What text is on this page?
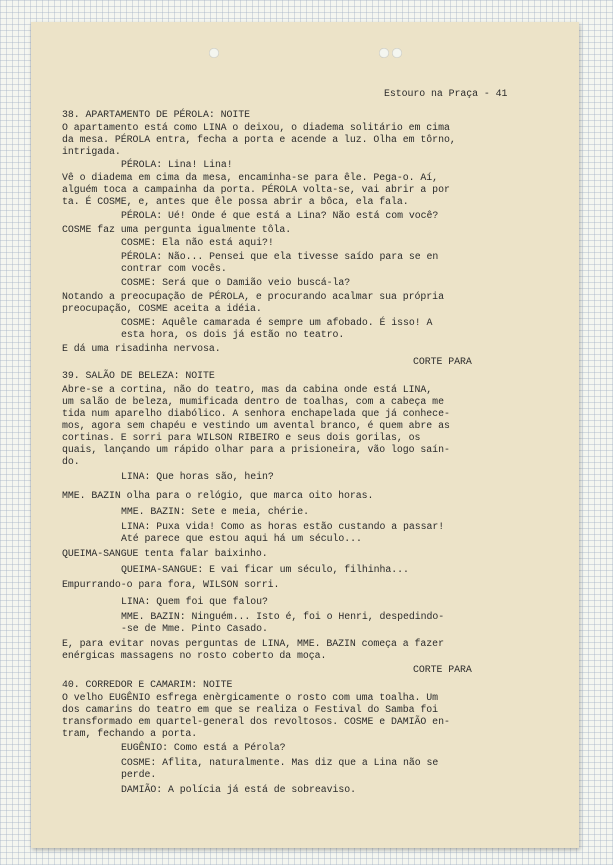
Estouro na Praça - 41
38. APARTAMENTO DE PÉROLA: NOITE
O apartamento está como LINA o deixou, o diadema solitário em cima
da mesa. PÉROLA entra, fecha a porta e acende a luz. Olha em tôrno,
intrigada.
PÉROLA: Lina! Lina!
Vê o diadema em cima da mesa, encaminha-se para êle. Pega-o. Aí,
alguém toca a campainha da porta. PÉROLA volta-se, vai abrir a por
ta. É COSME, e, antes que êle possa abrir a bôca, ela fala.
PÉROLA: Ué! Onde é que está a Lina? Não está com você?
COSME faz uma pergunta igualmente tôla.
COSME: Ela não está aqui?!
PÉROLA: Não... Pensei que ela tivesse saído para se en
contrar com vocês.
COSME: Será que o Damião veio buscá-la?
Notando a preocupação de PÉROLA, e procurando acalmar sua própria
preocupação, COSME aceita a idéia.
COSME: Aquêle camarada é sempre um afobado. É isso! A
esta hora, os dois já estão no teatro.
E dá uma risadinha nervosa.
CORTE PARA
39. SALÃO DE BELEZA: NOITE
Abre-se a cortina, não do teatro, mas da cabina onde está LINA,
um salão de beleza, mumificada dentro de toalhas, com a cabeça me
tida num aparelho diabólico. A senhora enchapelada que já conhece-
mos, agora sem chapéu e vestindo um avental branco, é quem abre as
cortinas. E sorri para WILSON RIBEIRO e seus dois gorilas, os
quais, lançando um rápido olhar para a prisioneira, vão logo saín-
do.
LINA: Que horas são, hein?
MME. BAZIN olha para o relógio, que marca oito horas.
MME. BAZIN: Sete e meia, chérie.
LINA: Puxa vida! Como as horas estão custando a passar!
Até parece que estou aqui há um século...
QUEIMA-SANGUE tenta falar baixinho.
QUEIMA-SANGUE: E vai ficar um século, filhinha...
Empurrando-o para fora, WILSON sorri.
LINA: Quem foi que falou?
MME. BAZIN: Ninguém... Isto é, foi o Henri, despedindo-
-se de Mme. Pinto Casado.
E, para evitar novas perguntas de LINA, MME. BAZIN começa a fazer
enérgicas massagens no rosto coberto da moça.
CORTE PARA
40. CORREDOR E CAMARIM: NOITE
O velho EUGÊNIO esfrega enèrgicamente o rosto com uma toalha. Um
dos camarins do teatro em que se realiza o Festival do Samba foi
transformado em quartel-general dos revoltosos. COSME e DAMIÃO en-
tram, fechando a porta.
EUGÊNIO: Como está a Pérola?
COSME: Aflita, naturalmente. Mas diz que a Lina não se
perde.
DAMIÃO: A polícia já está de sobreaviso.
